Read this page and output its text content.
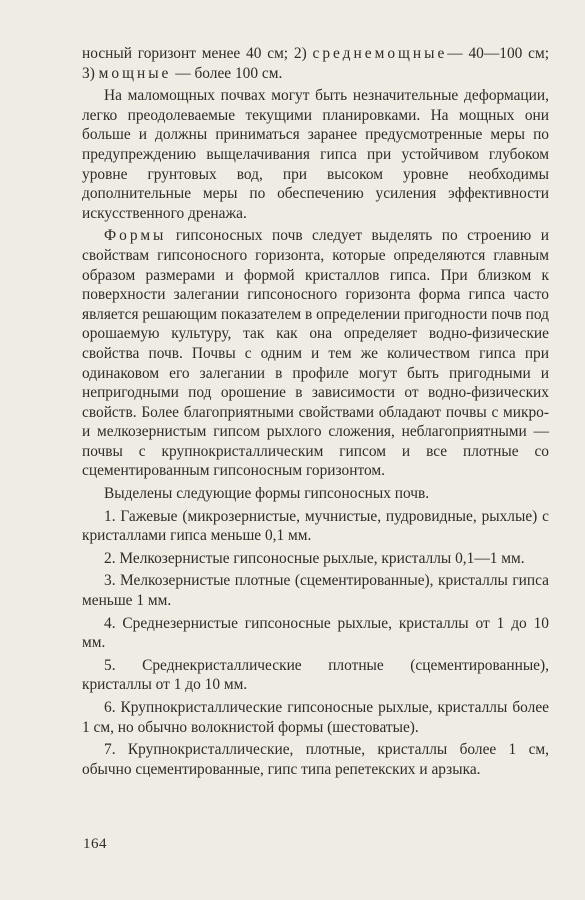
носный горизонт менее 40 см; 2) среднемощные— 40—100 см; 3) мощные — более 100 см.

На маломощных почвах могут быть незначительные деформации, легко преодолеваемые текущими планировками. На мощных они больше и должны приниматься заранее предусмотренные меры по предупреждению выщелачивания гипса при устойчивом глубоком уровне грунтовых вод, при высоком уровне необходимы дополнительные меры по обеспечению усиления эффективности искусственного дренажа.

Формы гипсоносных почв следует выделять по строению и свойствам гипсоносного горизонта, которые определяются главным образом размерами и формой кристаллов гипса. При близком к поверхности залегании гипсоносного горизонта форма гипса часто является решающим показателем в определении пригодности почв под орошаемую культуру, так как она определяет водно-физические свойства почв. Почвы с одним и тем же количеством гипса при одинаковом его залегании в профиле могут быть пригодными и непригодными под орошение в зависимости от водно-физических свойств. Более благоприятными свойствами обладают почвы с микро- и мелкозернистым гипсом рыхлого сложения, неблагоприятными — почвы с крупнокристаллическим гипсом и все плотные со сцементированным гипсоносным горизонтом.

Выделены следующие формы гипсоносных почв.

1. Гажевые (микрозернистые, мучнистые, пудровидные, рыхлые) с кристаллами гипса меньше 0,1 мм.

2. Мелкозернистые гипсоносные рыхлые, кристаллы 0,1—1 мм.

3. Мелкозернистые плотные (сцементированные), кристаллы гипса меньше 1 мм.

4. Среднезернистые гипсоносные рыхлые, кристаллы от 1 до 10 мм.

5. Среднекристаллические плотные (сцементированные), кристаллы от 1 до 10 мм.

6. Крупнокристаллические гипсоносные рыхлые, кристаллы более 1 см, но обычно волокнистой формы (шестоватые).

7. Крупнокристаллические, плотные, кристаллы более 1 см, обычно сцементированные, гипс типа репетекских и арзыка.

164
